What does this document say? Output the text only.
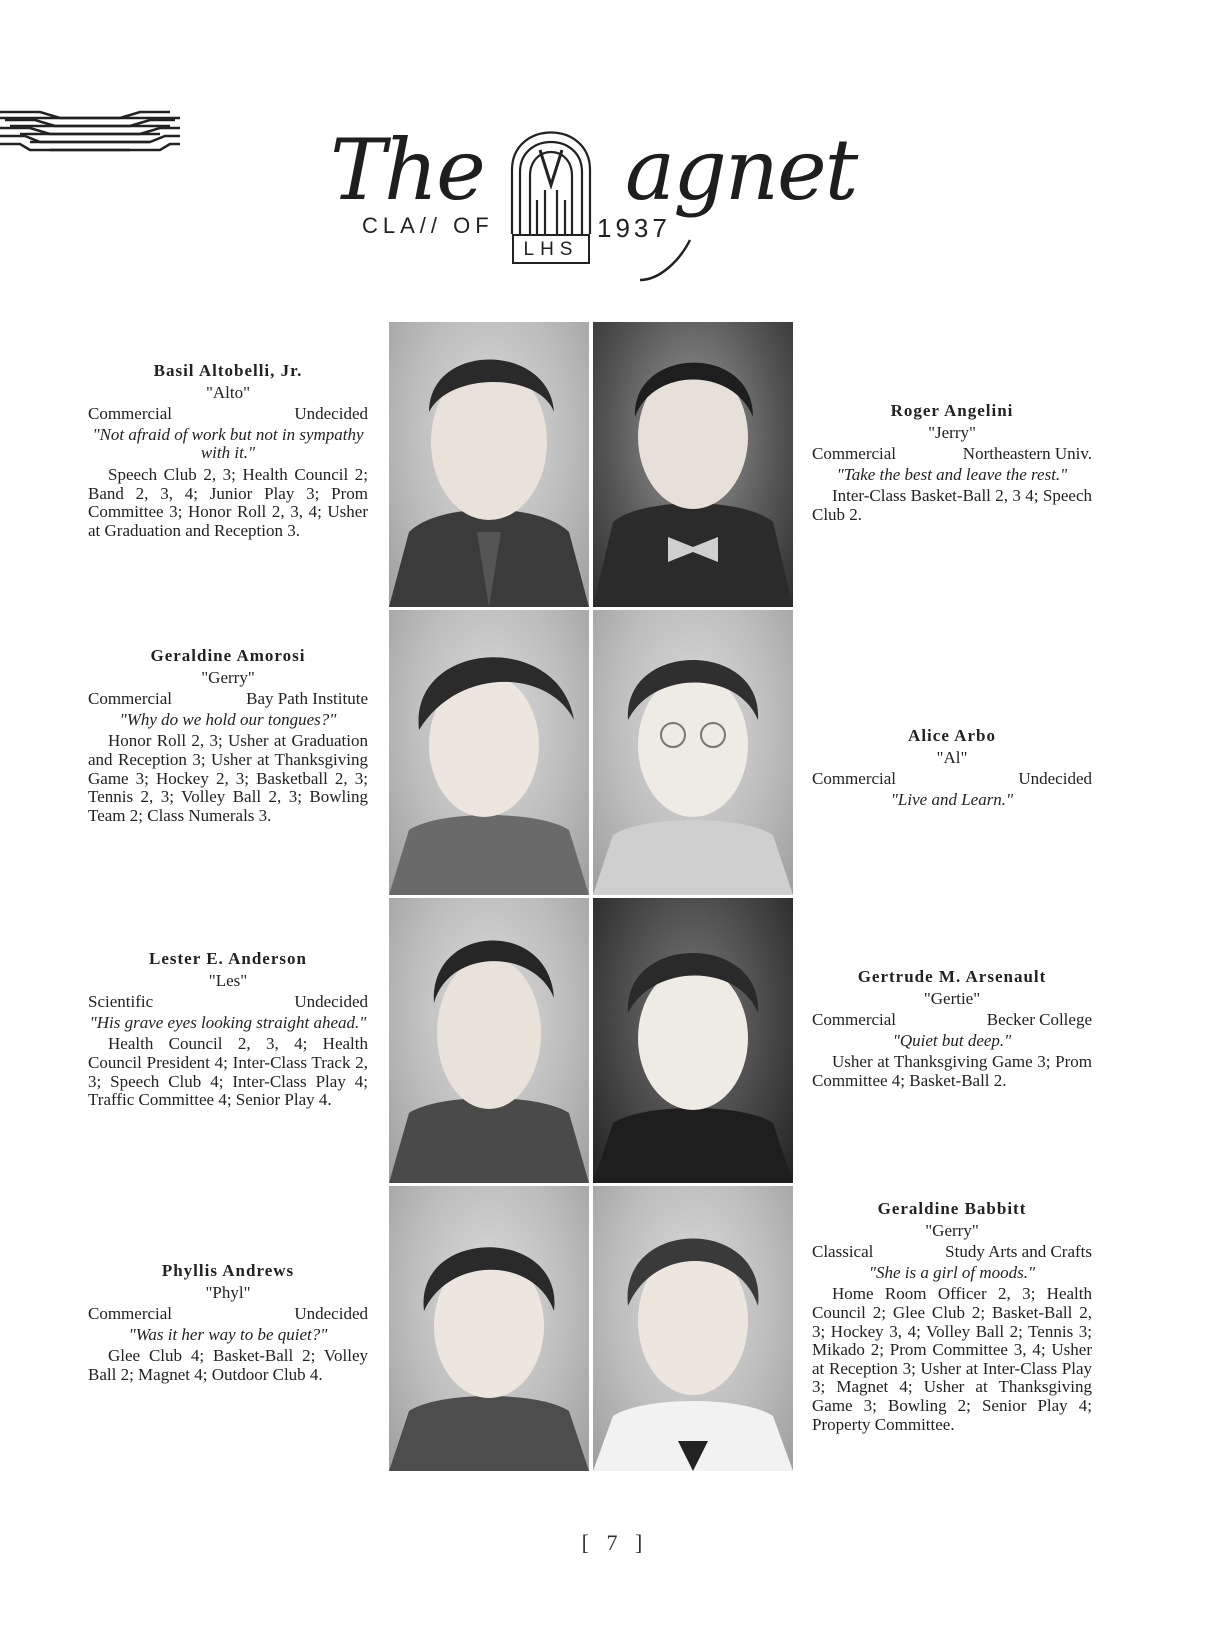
The agnet
CLA// OF	1937
LHS
Basil Altobelli, Jr.
"Alto"
Commercial	Undecided
"Not afraid of work but not in sympathy with it."
Speech Club 2, 3; Health Council 2; Band 2, 3, 4; Junior Play 3; Prom Committee 3; Honor Roll 2, 3, 4; Usher at Graduation and Reception 3.
Roger Angelini
"Jerry"
Commercial	Northeastern Univ.
"Take the best and leave the rest."
Inter-Class Basket-Ball 2, 3 4; Speech Club 2.
Geraldine Amorosi
"Gerry"
Commercial	Bay Path Institute
"Why do we hold our tongues?"
Honor Roll 2, 3; Usher at Graduation and Reception 3; Usher at Thanksgiving Game 3; Hockey 2, 3; Basketball 2, 3; Tennis 2, 3; Volley Ball 2, 3; Bowling Team 2; Class Numerals 3.
Alice Arbo
"Al"
Commercial	Undecided
"Live and Learn."
Lester E. Anderson
"Les"
Scientific	Undecided
"His grave eyes looking straight ahead."
Health Council 2, 3, 4; Health Council President 4; Inter-Class Track 2, 3; Speech Club 4; Inter-Class Play 4; Traffic Committee 4; Senior Play 4.
Gertrude M. Arsenault
"Gertie"
Commercial	Becker College
"Quiet but deep."
Usher at Thanksgiving Game 3; Prom Committee 4; Basket-Ball 2.
Phyllis Andrews
"Phyl"
Commercial	Undecided
"Was it her way to be quiet?"
Glee Club 4; Basket-Ball 2; Volley Ball 2; Magnet 4; Outdoor Club 4.
Geraldine Babbitt
"Gerry"
Classical	Study Arts and Crafts
"She is a girl of moods."
Home Room Officer 2, 3; Health Council 2; Glee Club 2; Basket-Ball 2, 3; Hockey 3, 4; Volley Ball 2; Tennis 3; Mikado 2; Prom Committee 3, 4; Usher at Reception 3; Usher at Inter-Class Play 3; Magnet 4; Usher at Thanksgiving Game 3; Bowling 2; Senior Play 4; Property Committee.
[ 7 ]
